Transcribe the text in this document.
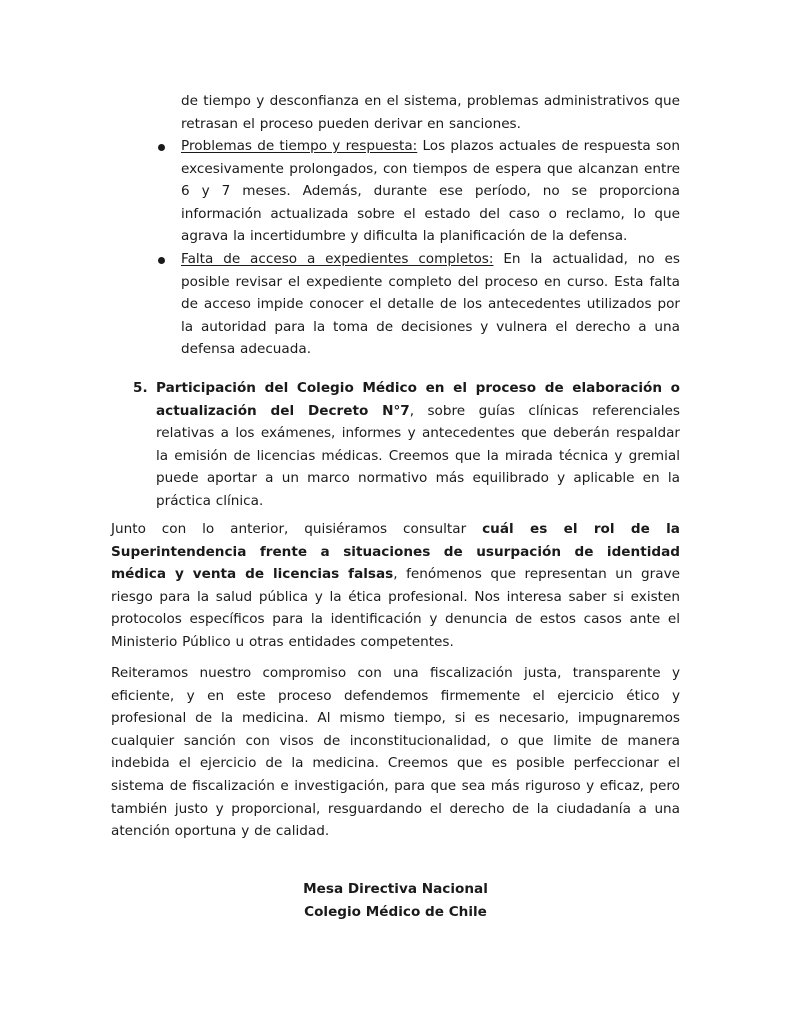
de tiempo y desconfianza en el sistema, problemas administrativos que retrasan el proceso pueden derivar en sanciones.

Problemas de tiempo y respuesta: Los plazos actuales de respuesta son excesivamente prolongados, con tiempos de espera que alcanzan entre 6 y 7 meses. Además, durante ese período, no se proporciona información actualizada sobre el estado del caso o reclamo, lo que agrava la incertidumbre y dificulta la planificación de la defensa.

Falta de acceso a expedientes completos: En la actualidad, no es posible revisar el expediente completo del proceso en curso. Esta falta de acceso impide conocer el detalle de los antecedentes utilizados por la autoridad para la toma de decisiones y vulnera el derecho a una defensa adecuada.

5. Participación del Colegio Médico en el proceso de elaboración o actualización del Decreto N°7, sobre guías clínicas referenciales relativas a los exámenes, informes y antecedentes que deberán respaldar la emisión de licencias médicas. Creemos que la mirada técnica y gremial puede aportar a un marco normativo más equilibrado y aplicable en la práctica clínica.

Junto con lo anterior, quisiéramos consultar cuál es el rol de la Superintendencia frente a situaciones de usurpación de identidad médica y venta de licencias falsas, fenómenos que representan un grave riesgo para la salud pública y la ética profesional. Nos interesa saber si existen protocolos específicos para la identificación y denuncia de estos casos ante el Ministerio Público u otras entidades competentes.

Reiteramos nuestro compromiso con una fiscalización justa, transparente y eficiente, y en este proceso defendemos firmemente el ejercicio ético y profesional de la medicina. Al mismo tiempo, si es necesario, impugnaremos cualquier sanción con visos de inconstitucionalidad, o que limite de manera indebida el ejercicio de la medicina. Creemos que es posible perfeccionar el sistema de fiscalización e investigación, para que sea más riguroso y eficaz, pero también justo y proporcional, resguardando el derecho de la ciudadanía a una atención oportuna y de calidad.

Mesa Directiva Nacional
Colegio Médico de Chile
